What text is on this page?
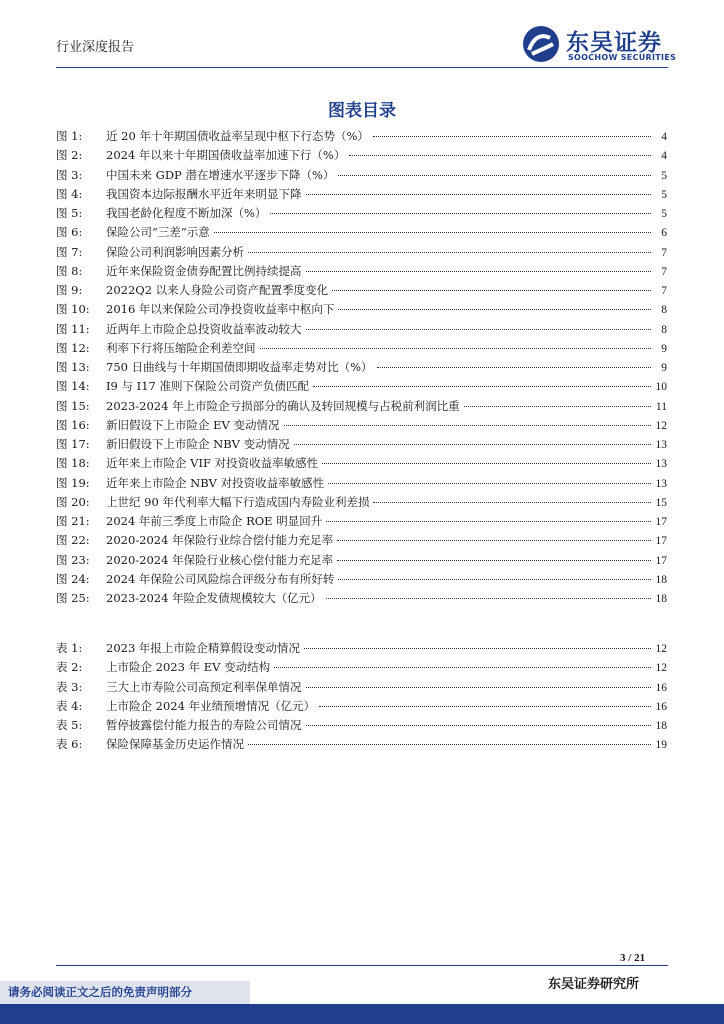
行业深度报告	东吴证券
SOOCHOW SECURITIES
图表目录
图 1:	近 20 年十年期国债收益率呈现中枢下行态势（%）	4
图 2:	2024 年以来十年期国债收益率加速下行（%）	4
图 3:	中国未来 GDP 潜在增速水平逐步下降（%）	5
图 4:	我国资本边际报酬水平近年来明显下降	5
图 5:	我国老龄化程度不断加深（%）	5
图 6:	保险公司“三差”示意	6
图 7:	保险公司利润影响因素分析	7
图 8:	近年来保险资金债券配置比例持续提高	7
图 9:	2022Q2 以来人身险公司资产配置季度变化	7
图 10:	2016 年以来保险公司净投资收益率中枢向下	8
图 11:	近两年上市险企总投资收益率波动较大	8
图 12:	利率下行将压缩险企利差空间	9
图 13:	750 日曲线与十年期国债即期收益率走势对比（%）	9
图 14:	I9 与 I17 准则下保险公司资产负债匹配	10
图 15:	2023-2024 年上市险企亏损部分的确认及转回规模与占税前利润比重	11
图 16:	新旧假设下上市险企 EV 变动情况	12
图 17:	新旧假设下上市险企 NBV 变动情况	13
图 18:	近年来上市险企 VIF 对投资收益率敏感性	13
图 19:	近年来上市险企 NBV 对投资收益率敏感性	13
图 20:	上世纪 90 年代利率大幅下行造成国内寿险业利差损	15
图 21:	2024 年前三季度上市险企 ROE 明显回升	17
图 22:	2020-2024 年保险行业综合偿付能力充足率	17
图 23:	2020-2024 年保险行业核心偿付能力充足率	17
图 24:	2024 年保险公司风险综合评级分布有所好转	18
图 25:	2023-2024 年险企发债规模较大（亿元）	18
表 1:	2023 年报上市险企精算假设变动情况	12
表 2:	上市险企 2023 年 EV 变动结构	12
表 3:	三大上市寿险公司高预定利率保单情况	16
表 4:	上市险企 2024 年业绩预增情况（亿元）	16
表 5:	暂停披露偿付能力报告的寿险公司情况	18
表 6:	保险保障基金历史运作情况	19
3 / 21
东吴证券研究所
请务必阅读正文之后的免责声明部分
